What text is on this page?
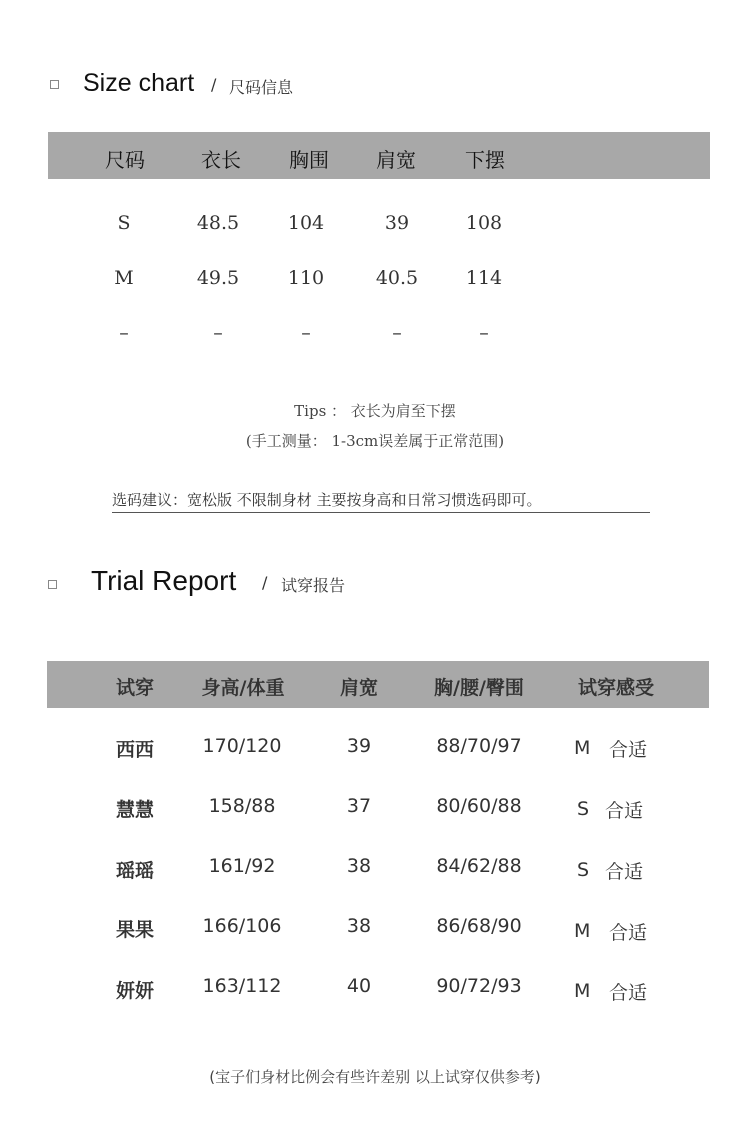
Size chart / 尺码信息
尺码	衣长 胸围 肩宽 下摆
S	48.5	104	39	108
M	49.5	110	40.5	114
–	–	–	–	–
Tips ： 衣长为肩至下摆
(手工测量： 1-3cm误差属于正常范围)
选码建议：宽松版 不限制身材 主要按身高和日常习惯选码即可。
Trial Report / 试穿报告
试穿	身高/体重	肩宽	胸/腰/臀围	试穿感受
西西	170/120	39	88/70/97	M 合适
慧慧	158/88	37	80/60/88	S 合适
瑶瑶	161/92	38	84/62/88	S 合适
果果	166/106	38	86/68/90	M 合适
妍妍	163/112	40	90/72/93	M 合适
(宝子们身材比例会有些许差别 以上试穿仅供参考)
